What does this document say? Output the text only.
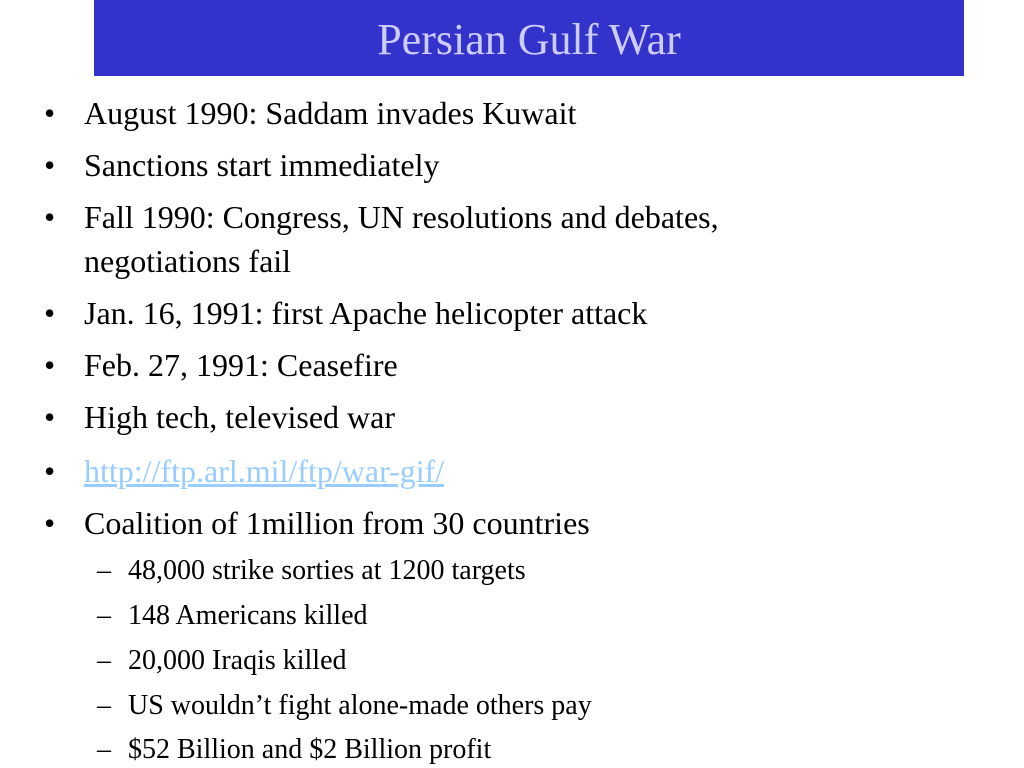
Persian Gulf War
• August 1990: Saddam invades Kuwait
• Sanctions start immediately
• Fall 1990: Congress, UN resolutions and debates,
negotiations fail
• Jan. 16, 1991: first Apache helicopter attack
• Feb. 27, 1991: Ceasefire
• High tech, televised war
• http://ftp.arl.mil/ftp/war-gif/
• Coalition of 1million from 30 countries
– 48,000 strike sorties at 1200 targets
– 148 Americans killed
– 20,000 Iraqis killed
– US wouldn’t fight alone-made others pay
– $52 Billion and $2 Billion profit
